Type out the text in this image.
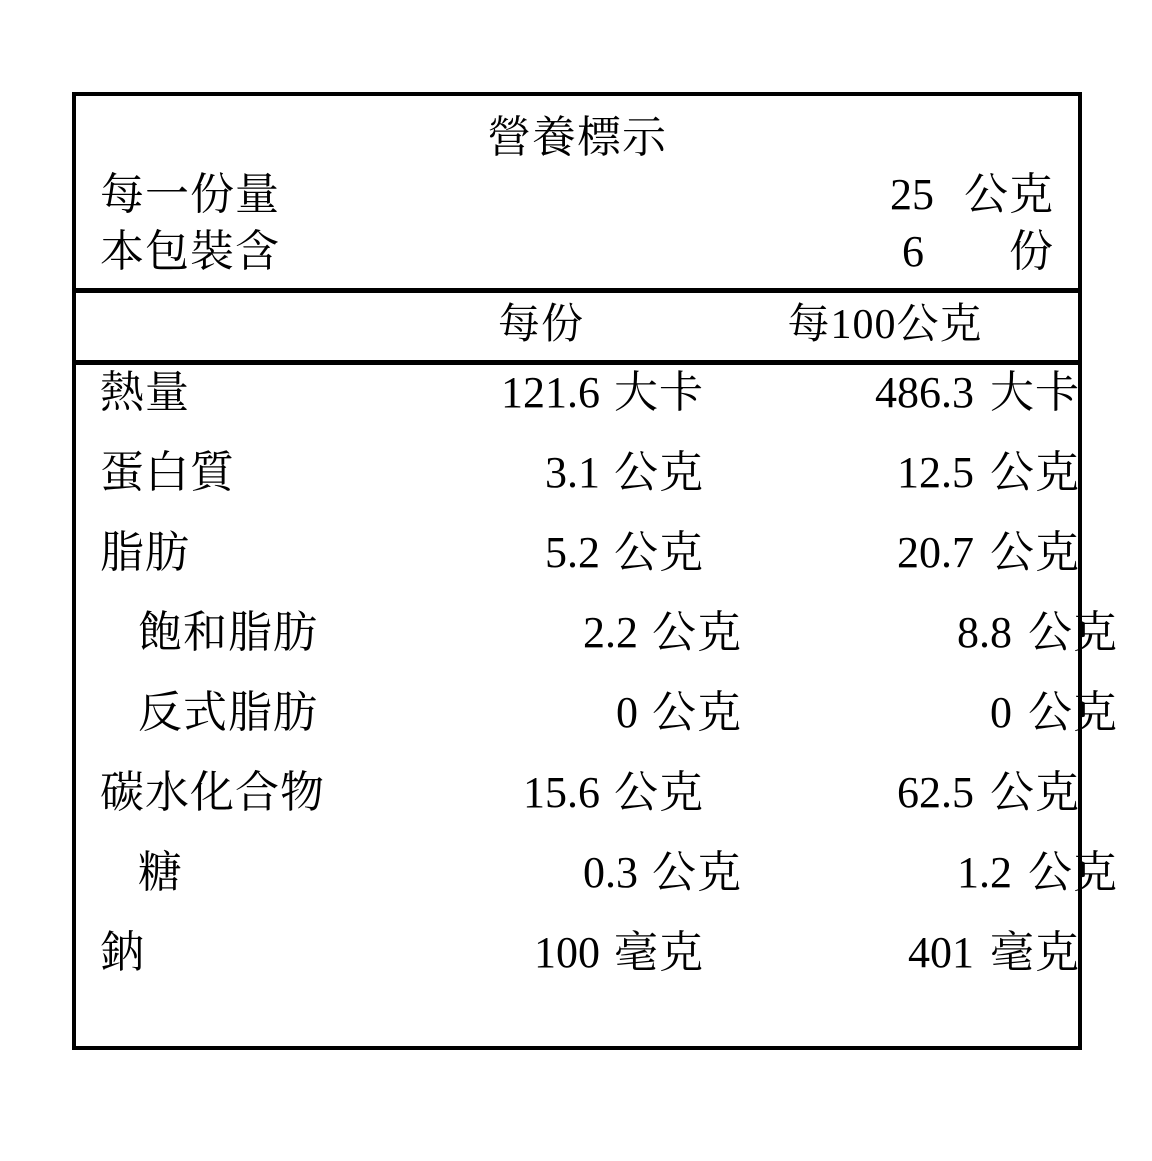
營養標示
每一份量	25 公克
本包裝含	6	份
每份	每100公克
熱量	121.6 大卡	486.3 大卡
蛋白質	3.1 公克	12.5 公克
脂肪	5.2 公克	20.7 公克
飽和脂肪	2.2 公克	8.8 公克
反式脂肪	0 公克	0 公克
碳水化合物	15.6 公克	62.5 公克
糖	0.3 公克	1.2 公克
鈉	100 毫克	401 毫克
